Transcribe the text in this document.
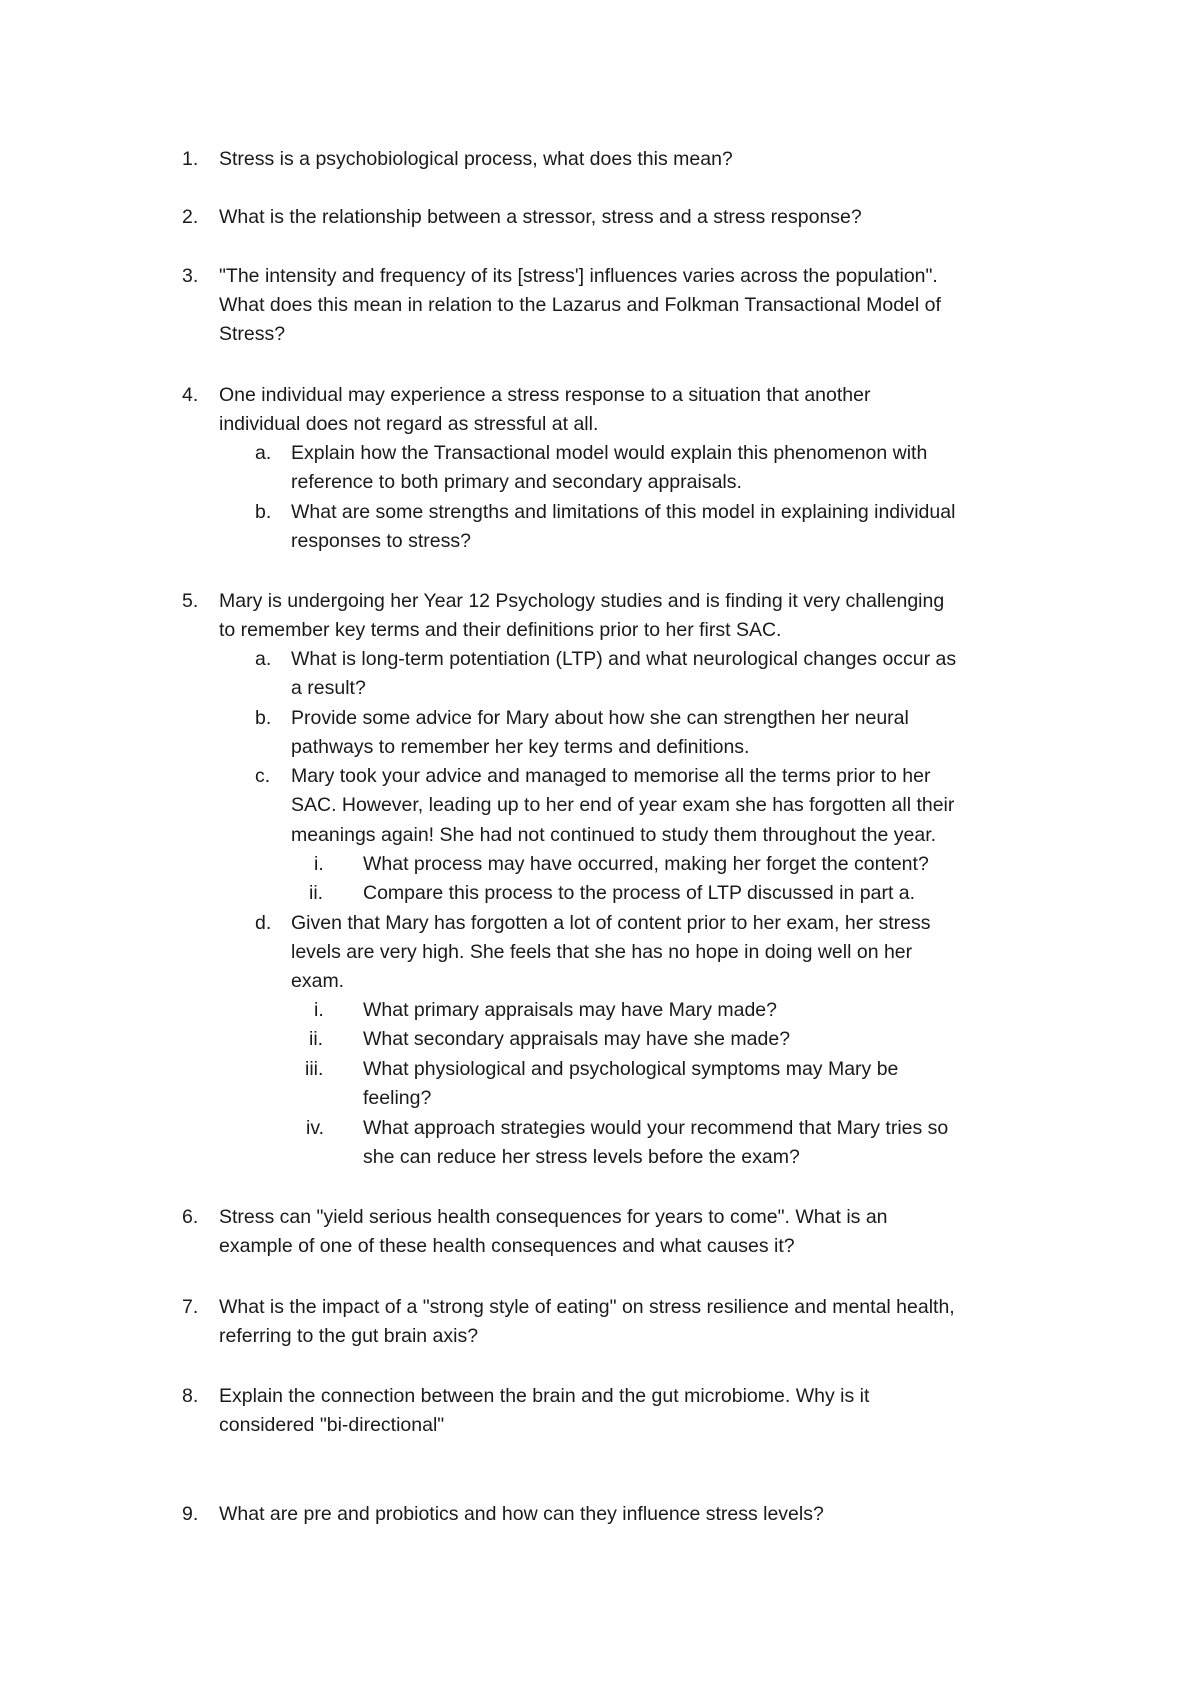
1. Stress is a psychobiological process, what does this mean?
2. What is the relationship between a stressor, stress and a stress response?
3. "The intensity and frequency of its [stress'] influences varies across the population".
What does this mean in relation to the Lazarus and Folkman Transactional Model of
Stress?
4. One individual may experience a stress response to a situation that another
individual does not regard as stressful at all.
a. Explain how the Transactional model would explain this phenomenon with
reference to both primary and secondary appraisals.
b. What are some strengths and limitations of this model in explaining individual
responses to stress?
5. Mary is undergoing her Year 12 Psychology studies and is finding it very challenging
to remember key terms and their definitions prior to her first SAC.
a. What is long-term potentiation (LTP) and what neurological changes occur as
a result?
b. Provide some advice for Mary about how she can strengthen her neural
pathways to remember her key terms and definitions.
c. Mary took your advice and managed to memorise all the terms prior to her
SAC. However, leading up to her end of year exam she has forgotten all their
meanings again! She had not continued to study them throughout the year.
i. What process may have occurred, making her forget the content?
ii. Compare this process to the process of LTP discussed in part a.
d. Given that Mary has forgotten a lot of content prior to her exam, her stress
levels are very high. She feels that she has no hope in doing well on her
exam.
i. What primary appraisals may have Mary made?
ii. What secondary appraisals may have she made?
iii. What physiological and psychological symptoms may Mary be
feeling?
iv. What approach strategies would your recommend that Mary tries so
she can reduce her stress levels before the exam?
6. Stress can "yield serious health consequences for years to come". What is an
example of one of these health consequences and what causes it?
7. What is the impact of a "strong style of eating" on stress resilience and mental health,
referring to the gut brain axis?
8. Explain the connection between the brain and the gut microbiome. Why is it
considered "bi-directional"
9. What are pre and probiotics and how can they influence stress levels?
